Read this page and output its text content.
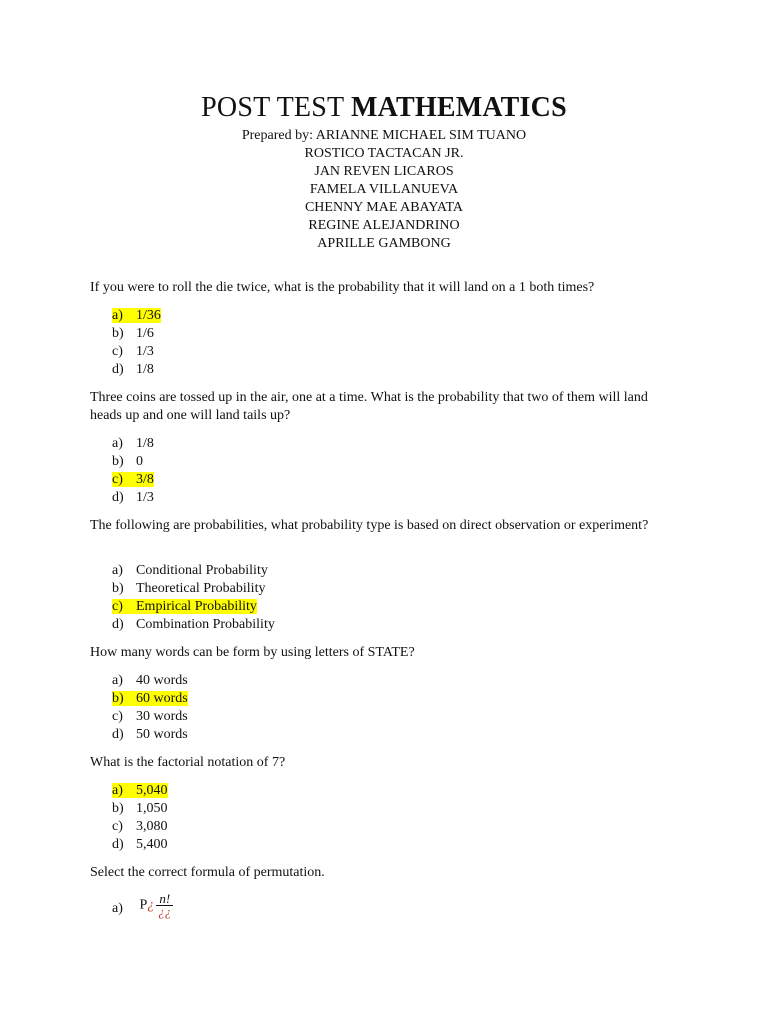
POST TEST MATHEMATICS
Prepared by: ARIANNE MICHAEL SIM TUANO
ROSTICO TACTACAN JR.
JAN REVEN LICAROS
FAMELA VILLANUEVA
CHENNY MAE ABAYATA
REGINE ALEJANDRINO
APRILLE GAMBONG
If you were to roll the die twice, what is the probability that it will land on a 1 both times?
a) 1/36
b) 1/6
c) 1/3
d) 1/8
Three coins are tossed up in the air, one at a time. What is the probability that two of them will land heads up and one will land tails up?
a) 1/8
b) 0
c) 3/8
d) 1/3
The following are probabilities, what probability type is based on direct observation or experiment?
a) Conditional Probability
b) Theoretical Probability
c) Empirical Probability
d) Combination Probability
How many words can be form by using letters of STATE?
a) 40 words
b) 60 words
c) 30 words
d) 50 words
What is the factorial notation of 7?
a) 5,040
b) 1,050
c) 3,080
d) 5,400
Select the correct formula of permutation.
a) P¿ $\frac{n!}{¿¿}$
